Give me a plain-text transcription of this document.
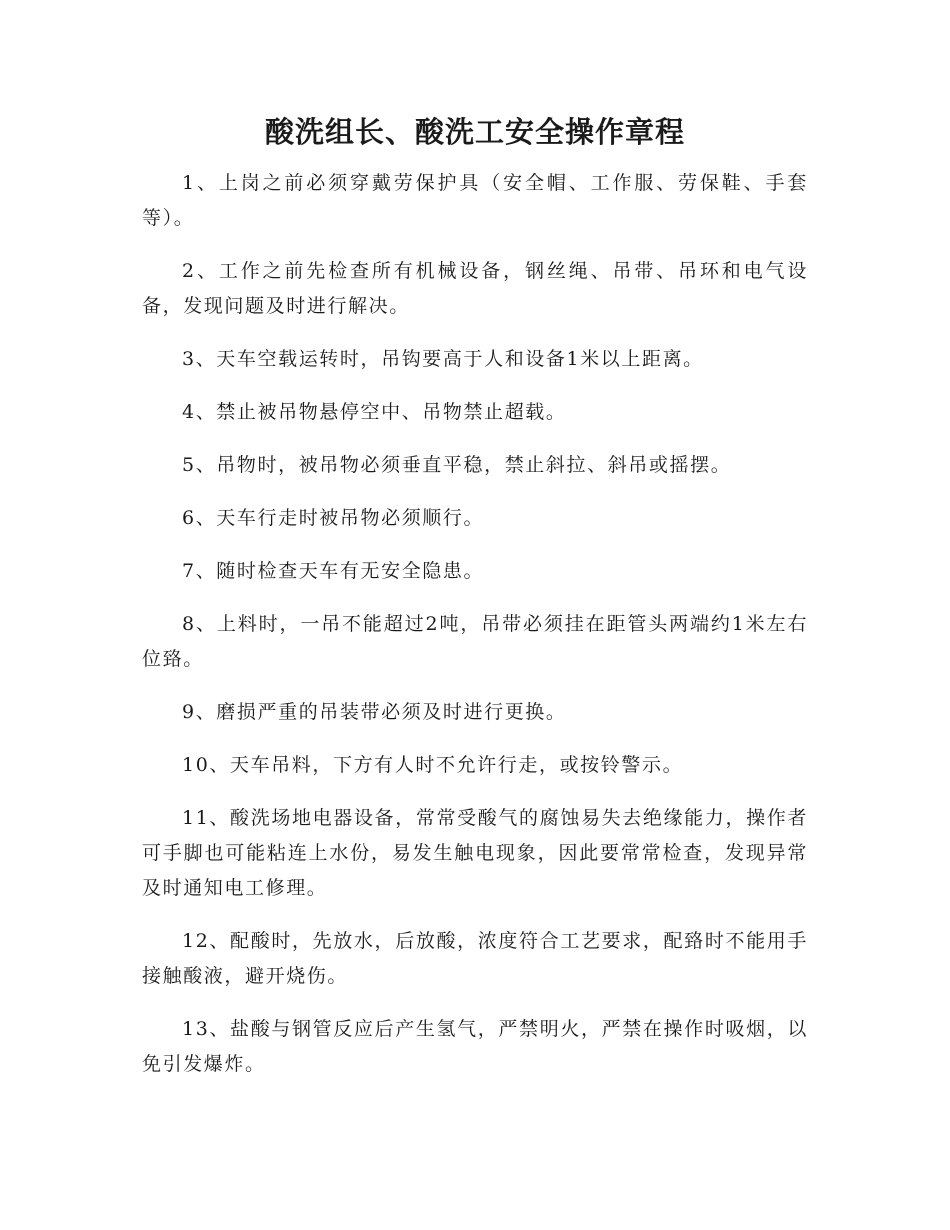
酸洗组长、酸洗工安全操作章程

1、上岗之前必须穿戴劳保护具（安全帽、工作服、劳保鞋、手套等）。

2、工作之前先检查所有机械设备，钢丝绳、吊带、吊环和电气设备，发现问题及时进行解决。

3、天车空载运转时，吊钩要高于人和设备1米以上距离。

4、禁止被吊物悬停空中、吊物禁止超载。

5、吊物时，被吊物必须垂直平稳，禁止斜拉、斜吊或摇摆。

6、天车行走时被吊物必须顺行。

7、随时检查天车有无安全隐患。

8、上料时，一吊不能超过2吨，吊带必须挂在距管头两端约1米左右位臵。

9、磨损严重的吊装带必须及时进行更换。

10、天车吊料，下方有人时不允许行走，或按铃警示。

11、酸洗场地电器设备，常常受酸气的腐蚀易失去绝缘能力，操作者可手脚也可能粘连上水份，易发生触电现象，因此要常常检查，发现异常及时通知电工修理。

12、配酸时，先放水，后放酸，浓度符合工艺要求，配臵时不能用手接触酸液，避开烧伤。

13、盐酸与钢管反应后产生氢气，严禁明火，严禁在操作时吸烟，以免引发爆炸。
